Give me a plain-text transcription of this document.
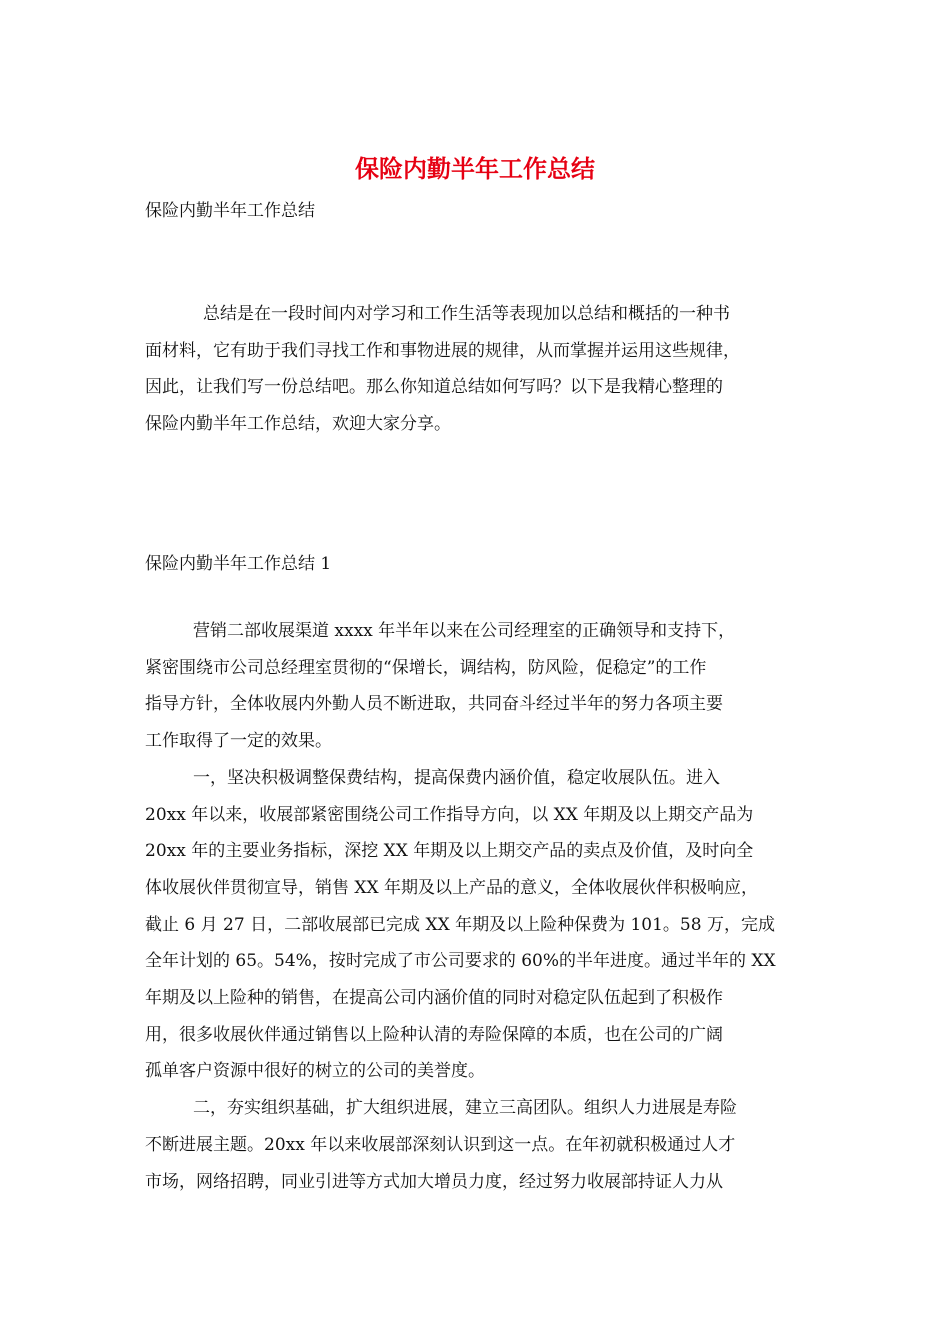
保险内勤半年工作总结

保险内勤半年工作总结

总结是在一段时间内对学习和工作生活等表现加以总结和概括的一种书
面材料，它有助于我们寻找工作和事物进展的规律，从而掌握并运用这些规律，
因此，让我们写一份总结吧。那么你知道总结如何写吗？以下是我精心整理的
保险内勤半年工作总结，欢迎大家分享。

保险内勤半年工作总结 1

营销二部收展渠道 xxxx 年半年以来在公司经理室的正确领导和支持下，
紧密围绕市公司总经理室贯彻的“保增长，调结构，防风险，促稳定”的工作
指导方针，全体收展内外勤人员不断进取，共同奋斗经过半年的努力各项主要
工作取得了一定的效果。
一，坚决积极调整保费结构，提高保费内涵价值，稳定收展队伍。进入
20xx 年以来，收展部紧密围绕公司工作指导方向，以 XX 年期及以上期交产品为
20xx 年的主要业务指标，深挖 XX 年期及以上期交产品的卖点及价值，及时向全
体收展伙伴贯彻宣导，销售 XX 年期及以上产品的意义，全体收展伙伴积极响应，
截止 6 月 27 日，二部收展部已完成 XX 年期及以上险种保费为 101。58 万，完成
全年计划的 65。54%，按时完成了市公司要求的 60%的半年进度。通过半年的 XX
年期及以上险种的销售，在提高公司内涵价值的同时对稳定队伍起到了积极作
用，很多收展伙伴通过销售以上险种认清的寿险保障的本质，也在公司的广阔
孤单客户资源中很好的树立的公司的美誉度。
二，夯实组织基础，扩大组织进展，建立三高团队。组织人力进展是寿险
不断进展主题。20xx 年以来收展部深刻认识到这一点。在年初就积极通过人才
市场，网络招聘，同业引进等方式加大增员力度，经过努力收展部持证人力从
